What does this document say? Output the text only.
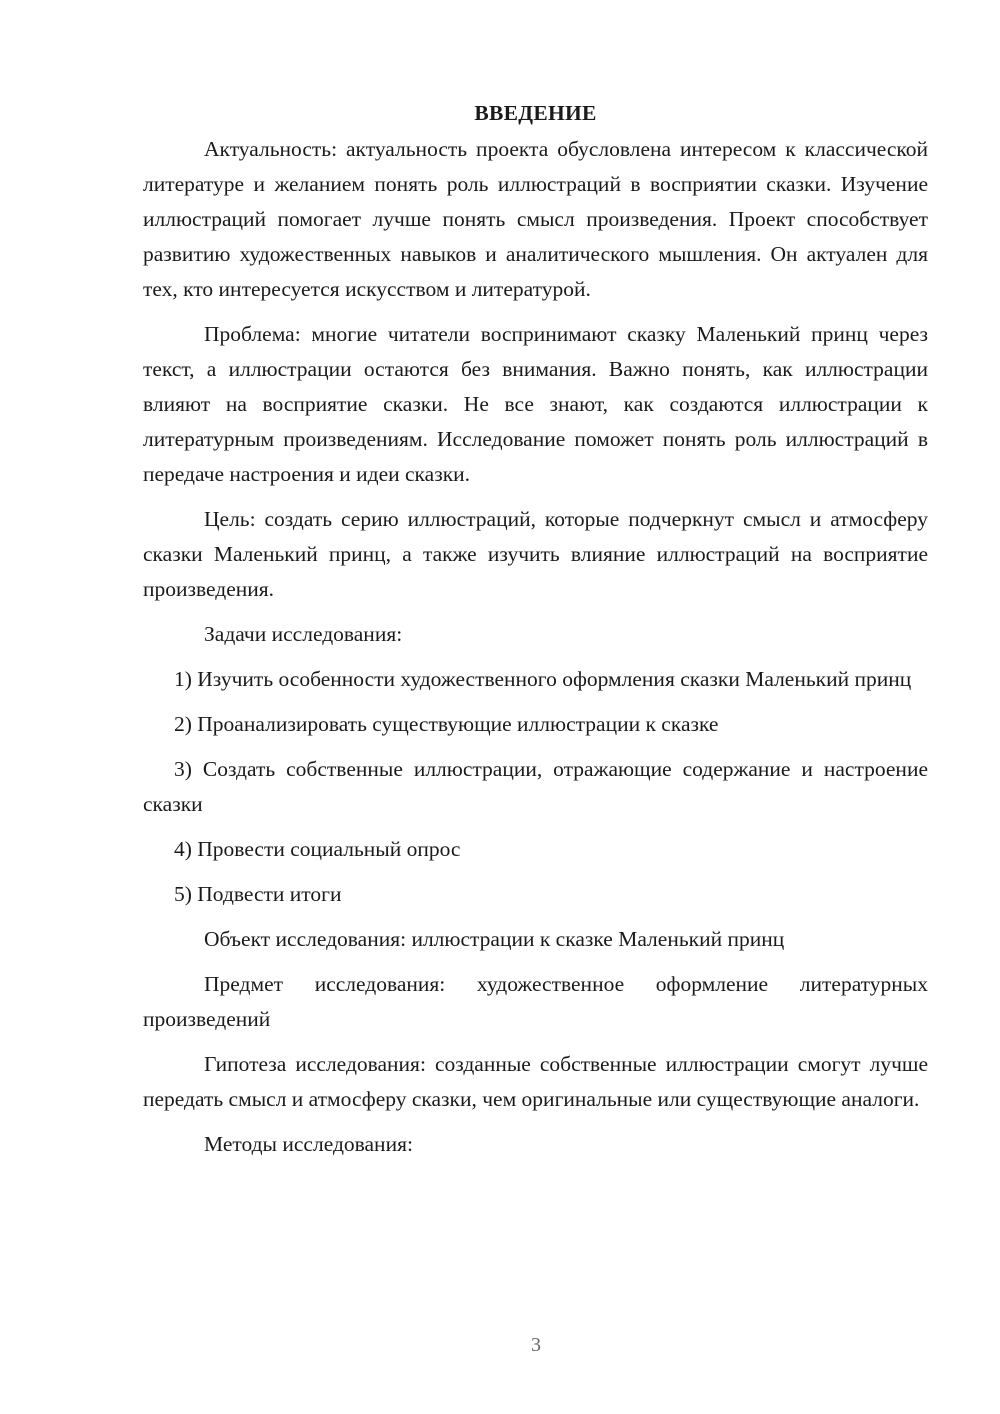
ВВЕДЕНИЕ

Актуальность: актуальность проекта обусловлена интересом к классической литературе и желанием понять роль иллюстраций в восприятии сказки. Изучение иллюстраций помогает лучше понять смысл произведения. Проект способствует развитию художественных навыков и аналитического мышления. Он актуален для тех, кто интересуется искусством и литературой.

Проблема: многие читатели воспринимают сказку Маленький принц через текст, а иллюстрации остаются без внимания. Важно понять, как иллюстрации влияют на восприятие сказки. Не все знают, как создаются иллюстрации к литературным произведениям. Исследование поможет понять роль иллюстраций в передаче настроения и идеи сказки.

Цель: создать серию иллюстраций, которые подчеркнут смысл и атмосферу сказки Маленький принц, а также изучить влияние иллюстраций на восприятие произведения.

Задачи исследования:

1) Изучить особенности художественного оформления сказки Маленький принц

2) Проанализировать существующие иллюстрации к сказке

3) Создать собственные иллюстрации, отражающие содержание и настроение сказки

4) Провести социальный опрос

5) Подвести итоги

Объект исследования: иллюстрации к сказке Маленький принц

Предмет исследования: художественное оформление литературных произведений

Гипотеза исследования: созданные собственные иллюстрации смогут лучше передать смысл и атмосферу сказки, чем оригинальные или существующие аналоги.

Методы исследования:

3
